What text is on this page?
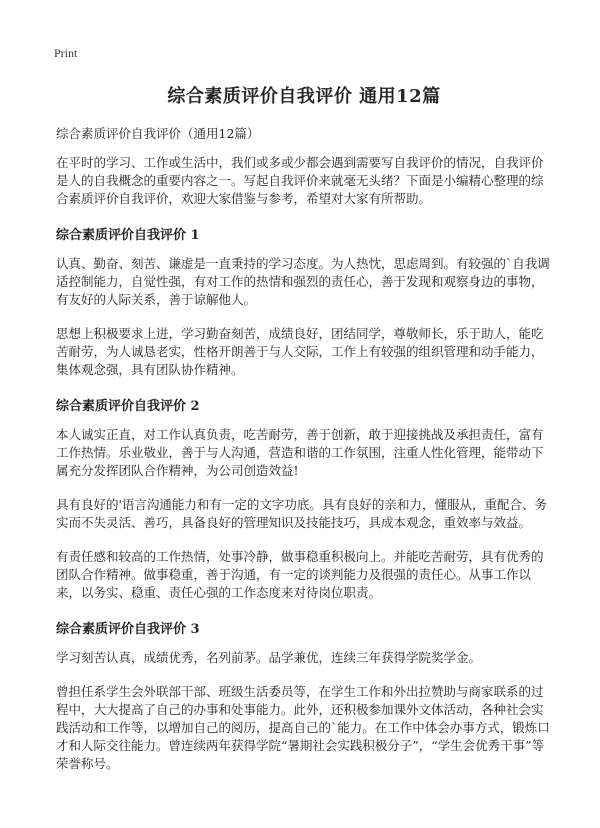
Print
综合素质评价自我评价 通用12篇
综合素质评价自我评价（通用12篇）

在平时的学习、工作或生活中，我们或多或少都会遇到需要写自我评价的情况，自我评价是人的自我概念的重要内容之一。写起自我评价来就毫无头绪？下面是小编精心整理的综合素质评价自我评价，欢迎大家借鉴与参考，希望对大家有所帮助。

综合素质评价自我评价 1

认真、勤奋、刻苦、谦虚是一直秉持的学习态度。为人热忱，思虑周到。有较强的`自我调适控制能力，自觉性强，有对工作的热情和强烈的责任心，善于发现和观察身边的事物，有友好的人际关系，善于谅解他人。

思想上积极要求上进，学习勤奋刻苦，成绩良好，团结同学，尊敬师长，乐于助人，能吃苦耐劳，为人诚恳老实，性格开朗善于与人交际，工作上有较强的组织管理和动手能力，集体观念强，具有团队协作精神。

综合素质评价自我评价 2

本人诚实正直，对工作认真负责，吃苦耐劳，善于创新，敢于迎接挑战及承担责任，富有工作热情。乐业敬业，善于与人沟通，营造和谐的工作氛围，注重人性化管理，能带动下属充分发挥团队合作精神，为公司创造效益!

具有良好的'语言沟通能力和有一定的文字功底。具有良好的亲和力，懂服从，重配合、务实而不失灵活、善巧，具备良好的管理知识及技能技巧，具成本观念，重效率与效益。

有责任感和较高的工作热情，处事冷静，做事稳重积极向上。并能吃苦耐劳，具有优秀的团队合作精神。做事稳重，善于沟通，有一定的谈判能力及很强的责任心。从事工作以来，以务实、稳重、责任心强的工作态度来对待岗位职责。

综合素质评价自我评价 3

学习刻苦认真，成绩优秀，名列前茅。品学兼优，连续三年获得学院奖学金。

曾担任系学生会外联部干部、班级生活委员等，在学生工作和外出拉赞助与商家联系的过程中，大大提高了自己的办事和处事能力。此外，还积极参加课外文体活动，各种社会实践活动和工作等，以增加自己的阅历，提高自己的`能力。在工作中体会办事方式，锻炼口才和人际交往能力。曾连续两年获得学院“暑期社会实践积极分子”，“学生会优秀干事”等荣誉称号。
